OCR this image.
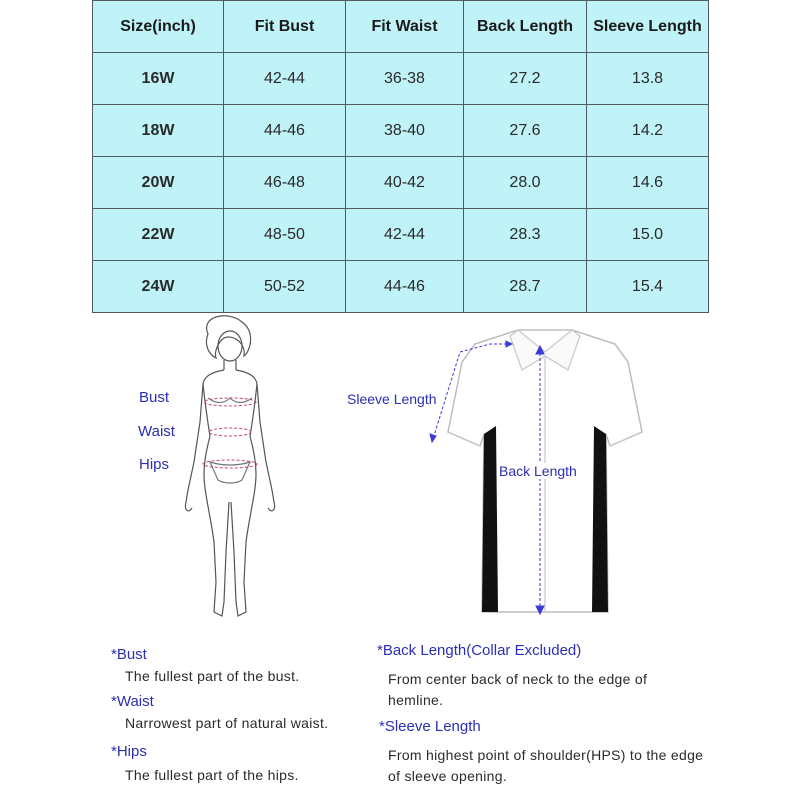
Size(inch)	Fit Bust	Fit Waist	Back Length	Sleeve Length
16W	42-44	36-38	27.2	13.8
18W	44-46	38-40	27.6	14.2
20W	46-48	40-42	28.0	14.6
22W	48-50	42-44	28.3	15.0
24W	50-52	44-46	28.7	15.4
Bust
Waist
Hips
Sleeve Length
Back Length
*Bust
The fullest part of the bust.
*Waist
Narrowest part of natural waist.
*Hips
The fullest part of the hips.
*Back Length(Collar Excluded)
From center back of neck to the edge of hemline.
*Sleeve Length
From highest point of shoulder(HPS) to the edge of sleeve opening.
